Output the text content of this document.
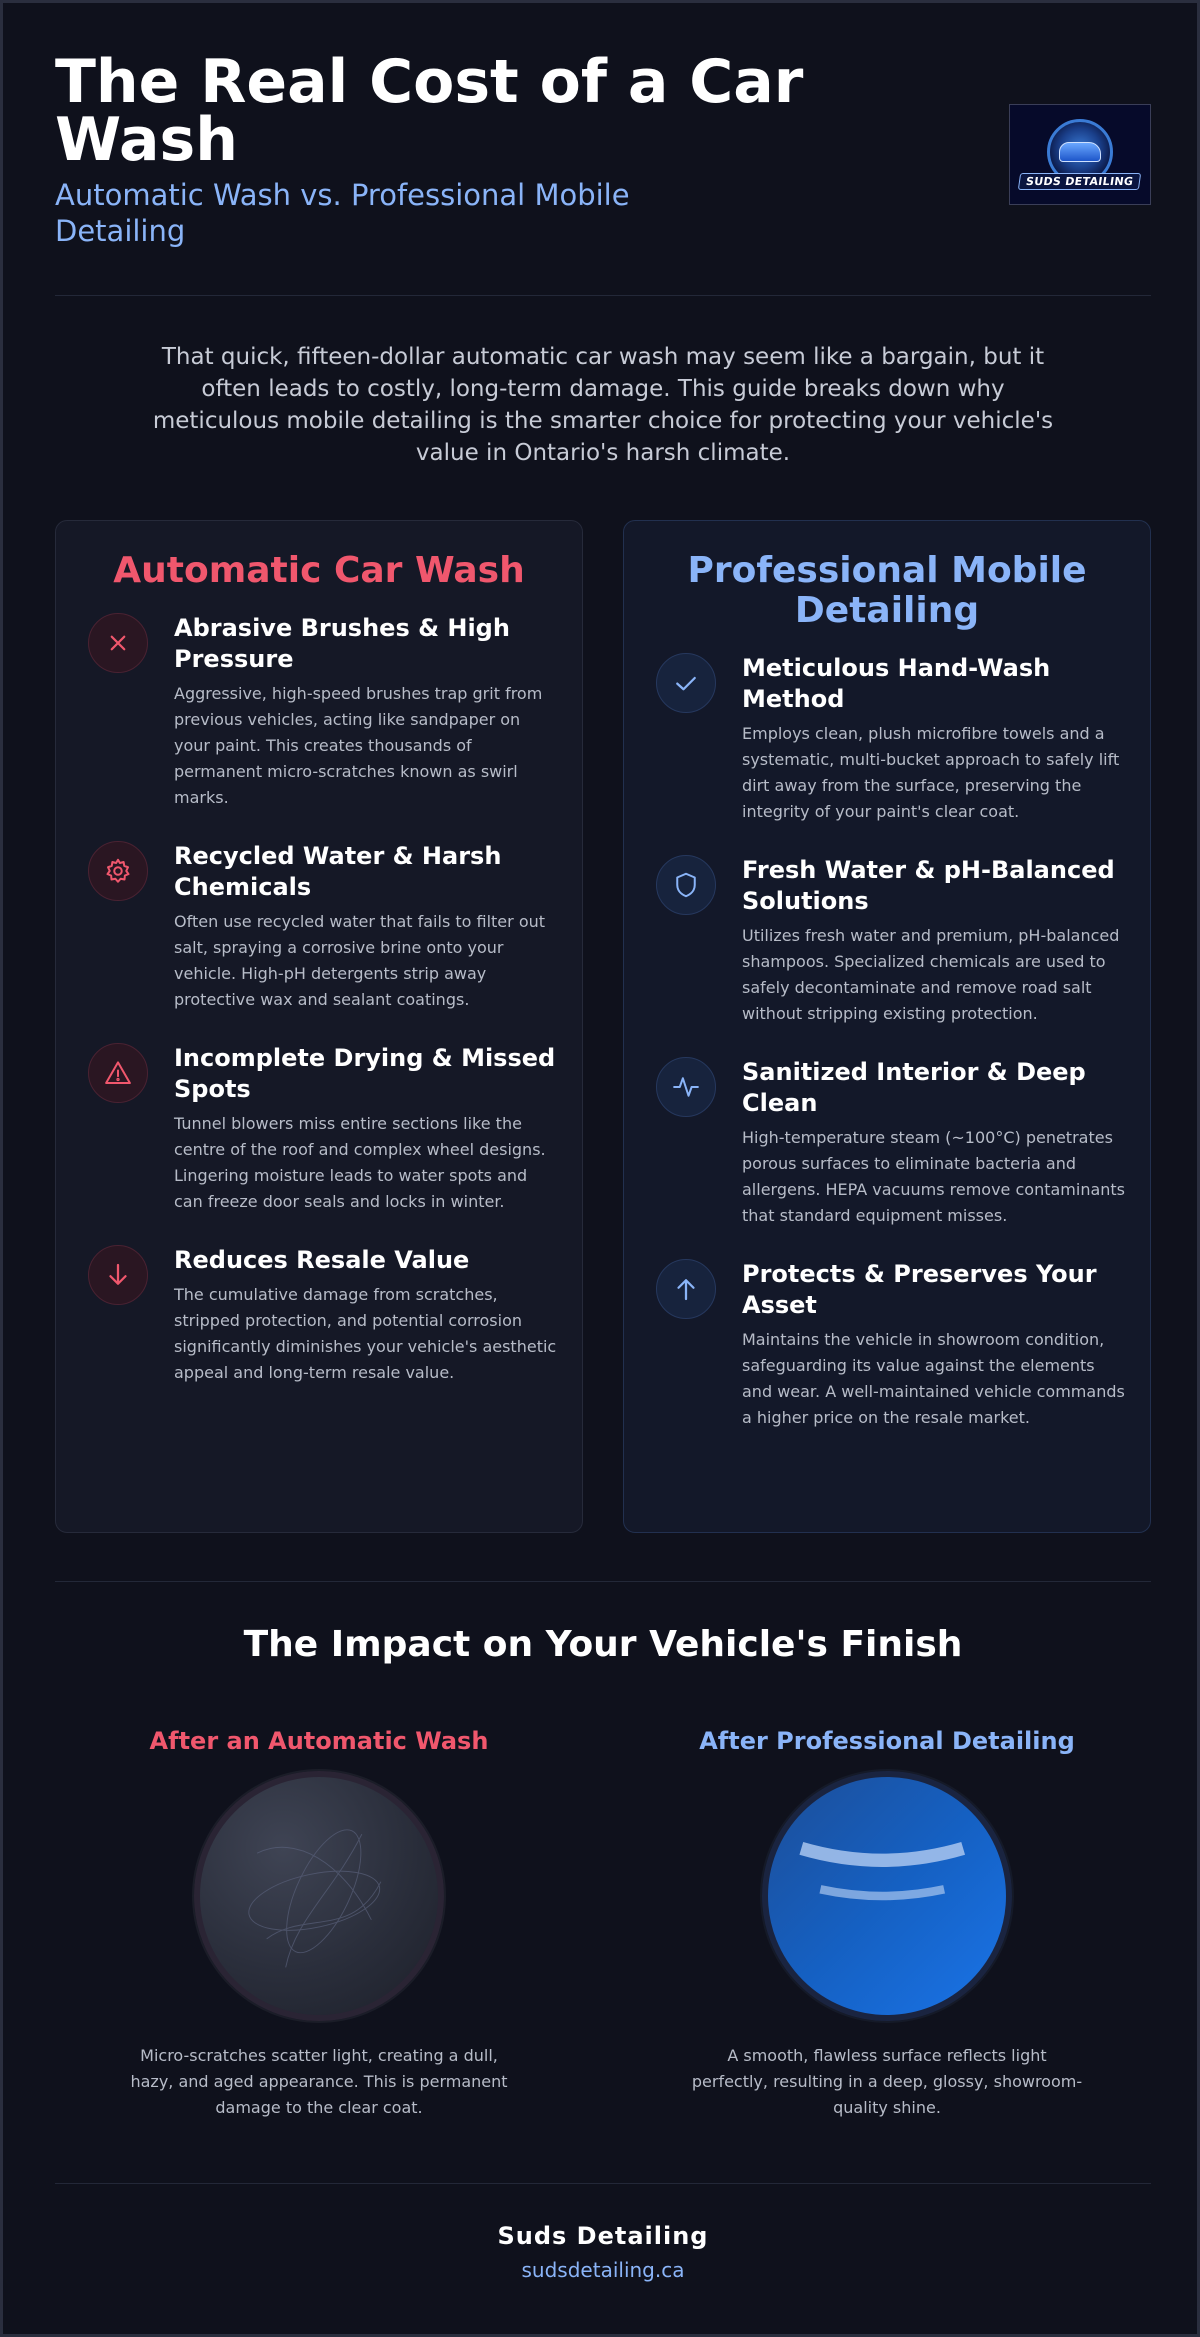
The Real Cost of a Car Wash
Automatic Wash vs. Professional Mobile Detailing
SUDS DETAILING

That quick, fifteen-dollar automatic car wash may seem like a bargain, but it often leads to costly, long-term damage. This guide breaks down why meticulous mobile detailing is the smarter choice for protecting your vehicle's value in Ontario's harsh climate.

Automatic Car Wash
Abrasive Brushes & High Pressure
Aggressive, high-speed brushes trap grit from previous vehicles, acting like sandpaper on your paint. This creates thousands of permanent micro-scratches known as swirl marks.
Recycled Water & Harsh Chemicals
Often use recycled water that fails to filter out salt, spraying a corrosive brine onto your vehicle. High-pH detergents strip away protective wax and sealant coatings.
Incomplete Drying & Missed Spots
Tunnel blowers miss entire sections like the centre of the roof and complex wheel designs. Lingering moisture leads to water spots and can freeze door seals and locks in winter.
Reduces Resale Value
The cumulative damage from scratches, stripped protection, and potential corrosion significantly diminishes your vehicle's aesthetic appeal and long-term resale value.
Professional Mobile Detailing
Meticulous Hand-Wash Method
Employs clean, plush microfibre towels and a systematic, multi-bucket approach to safely lift dirt away from the surface, preserving the integrity of your paint's clear coat.
Fresh Water & pH-Balanced Solutions
Utilizes fresh water and premium, pH-balanced shampoos. Specialized chemicals are used to safely decontaminate and remove road salt without stripping existing protection.
Sanitized Interior & Deep Clean
High-temperature steam (~100°C) penetrates porous surfaces to eliminate bacteria and allergens. HEPA vacuums remove contaminants that standard equipment misses.
Protects & Preserves Your Asset
Maintains the vehicle in showroom condition, safeguarding its value against the elements and wear. A well-maintained vehicle commands a higher price on the resale market.
The Impact on Your Vehicle's Finish
After an Automatic Wash
Micro-scratches scatter light, creating a dull, hazy, and aged appearance. This is permanent damage to the clear coat.
After Professional Detailing
A smooth, flawless surface reflects light perfectly, resulting in a deep, glossy, showroom-quality shine.
Suds Detailing
sudsdetailing.ca
